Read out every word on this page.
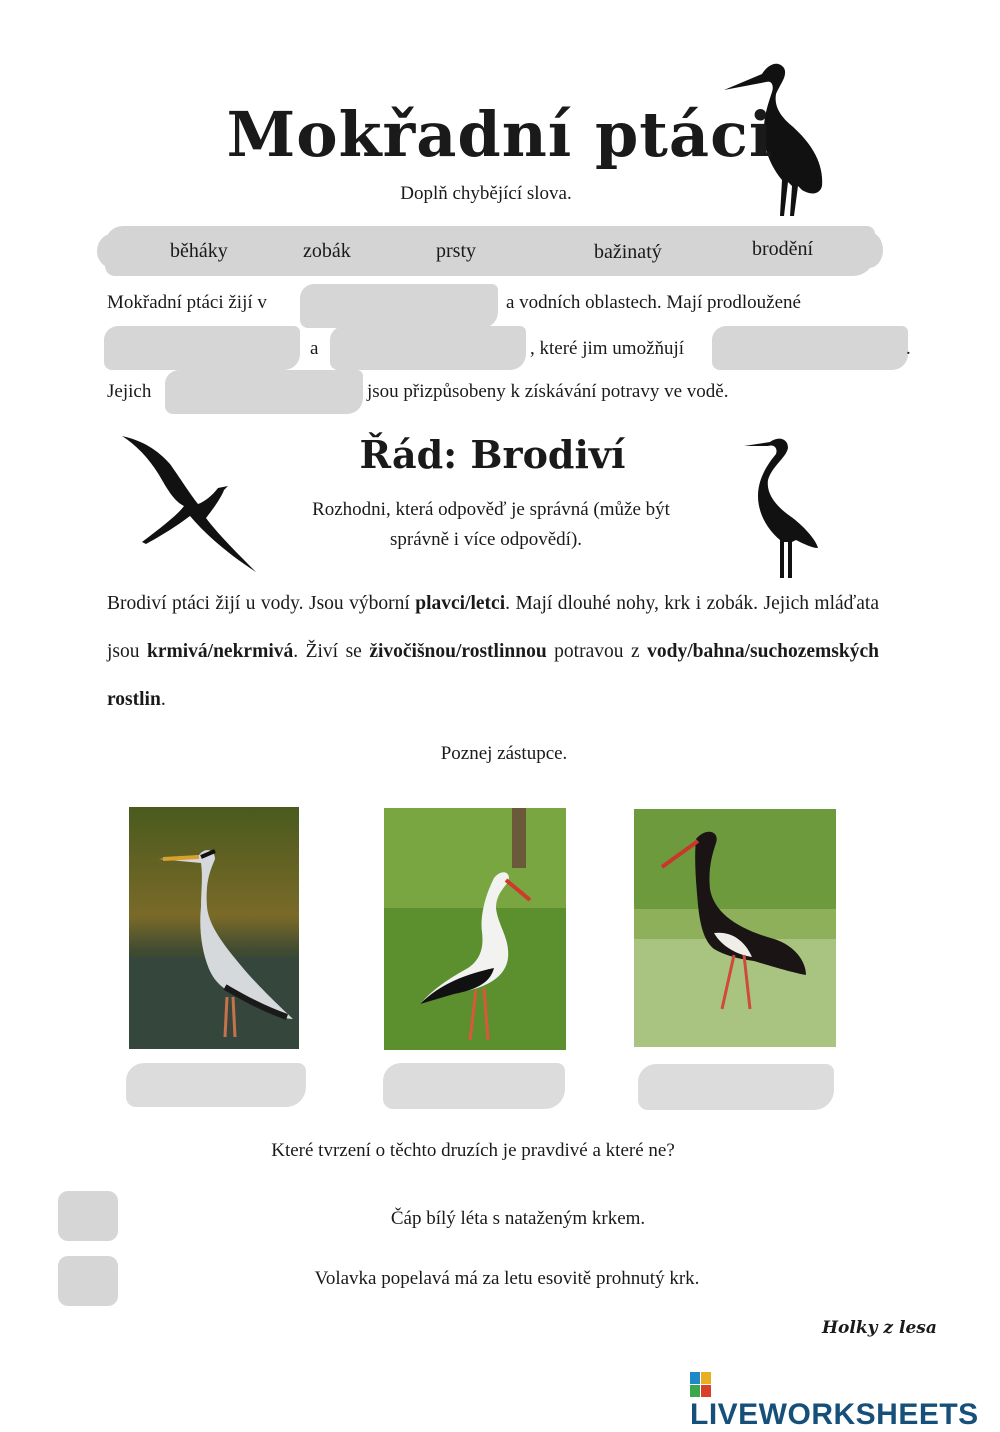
Mokřadní ptáci
Doplň chybějící slova.
běháky	zobák	prsty	bažinatý	brodění
Mokřadní ptáci žijí v	a vodních oblastech. Mají prodloužené
a	, které jim umožňují	.
Jejich	jsou přizpůsobeny k získávání potravy ve vodě.
Řád: Brodiví
Rozhodni, která odpověď je správná (může být
správně i více odpovědí).
Brodiví ptáci žijí u vody. Jsou výborní plavci/letci. Mají dlouhé nohy, krk i zobák. Jejich mláďata jsou krmivá/nekrmivá. Živí se živočišnou/rostlinnou potravou z vody/bahna/suchozemských rostlin.
Poznej zástupce.
Které tvrzení o těchto druzích je pravdivé a které ne?
Čáp bílý léta s nataženým krkem.
Volavka popelavá má za letu esovitě prohnutý krk.
Holky z lesa
LIVEWORKSHEETS
